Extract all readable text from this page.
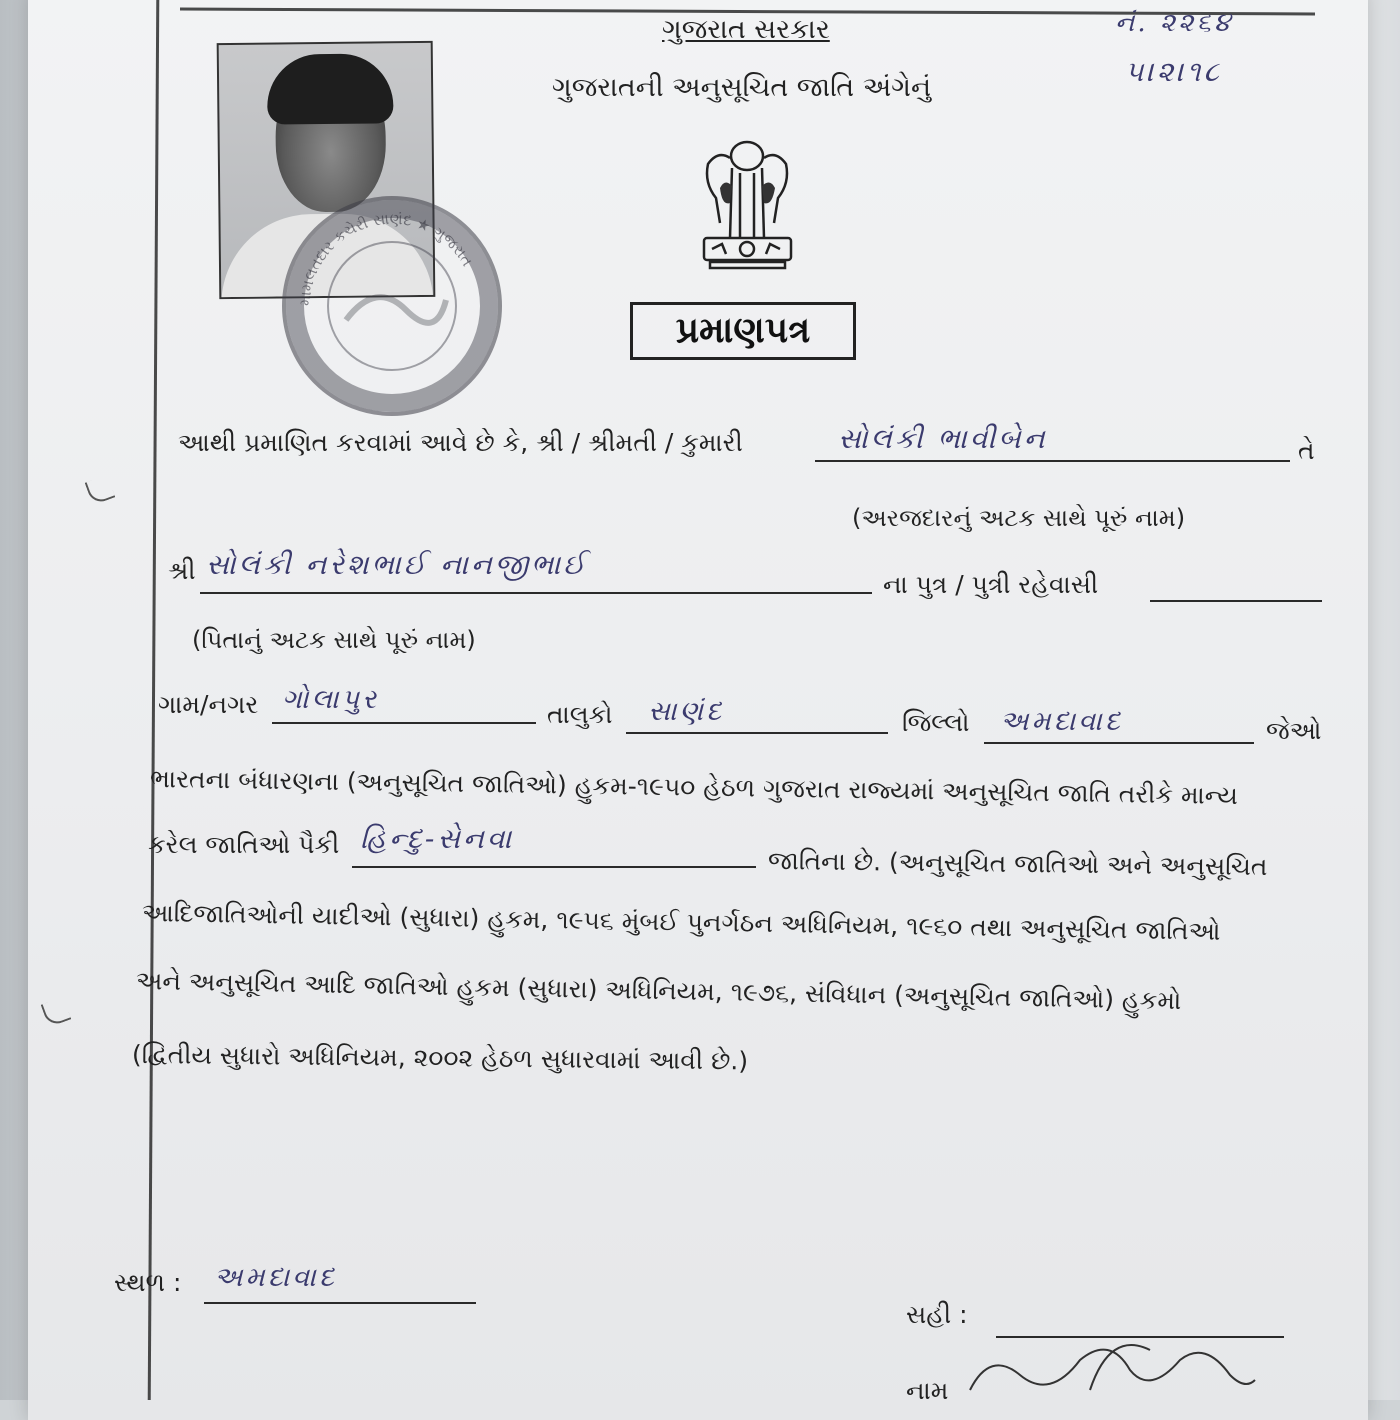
ગુજરાત સરકાર
ગુજરાતની અનુસૂચિત જાતિ અંગેનું
નં. ૨૨૬૪
૫।૨।૧૮
મામલતદાર કચેરી સાણંદ ★ ગુજરાત
પ્રમાણપત્ર
આથી પ્રમાણિત કરવામાં આવે છે કે, શ્રી / શ્રીમતી / કુમારી	સોલંકી ભાવીબેન	તે
(અરજદારનું અટક સાથે પૂરું નામ)
શ્રી સોલંકી નરેશભાઈ નાનજીભાઈ
ના પુત્ર / પુત્રી રહેવાસી
(પિતાનું અટક સાથે પૂરું નામ)
ગામ/નગર ગોલાપુર	તાલુકો સાણંદ	જિલ્લો અમદાવાદ	જેઓ
ભારતના બંધારણના (અનુસૂચિત જાતિઓ) હુકમ-૧૯૫૦ હેઠળ ગુજરાત રાજ્યમાં અનુસૂચિત જાતિ તરીકે માન્ય
કરેલ જાતિઓ પૈકી હિન્દુ-સેનવા
જાતિના છે. (અનુસૂચિત જાતિઓ અને અનુસૂચિત
આદિજાતિઓની યાદીઓ (સુધારા) હુકમ, ૧૯૫૬ મુંબઈ પુનર્ગઠન અધિનિયમ, ૧૯૬૦ તથા અનુસૂચિત જાતિઓ
અને અનુસૂચિત આદિ જાતિઓ હુકમ (સુધારા) અધિનિયમ, ૧૯૭૬, સંવિધાન (અનુસૂચિત જાતિઓ) હુકમો
(દ્વિતીય સુધારો અધિનિયમ, ૨૦૦૨ હેઠળ સુધારવામાં આવી છે.)
સ્થળ : અમદાવાદ
સહી :
નામ
